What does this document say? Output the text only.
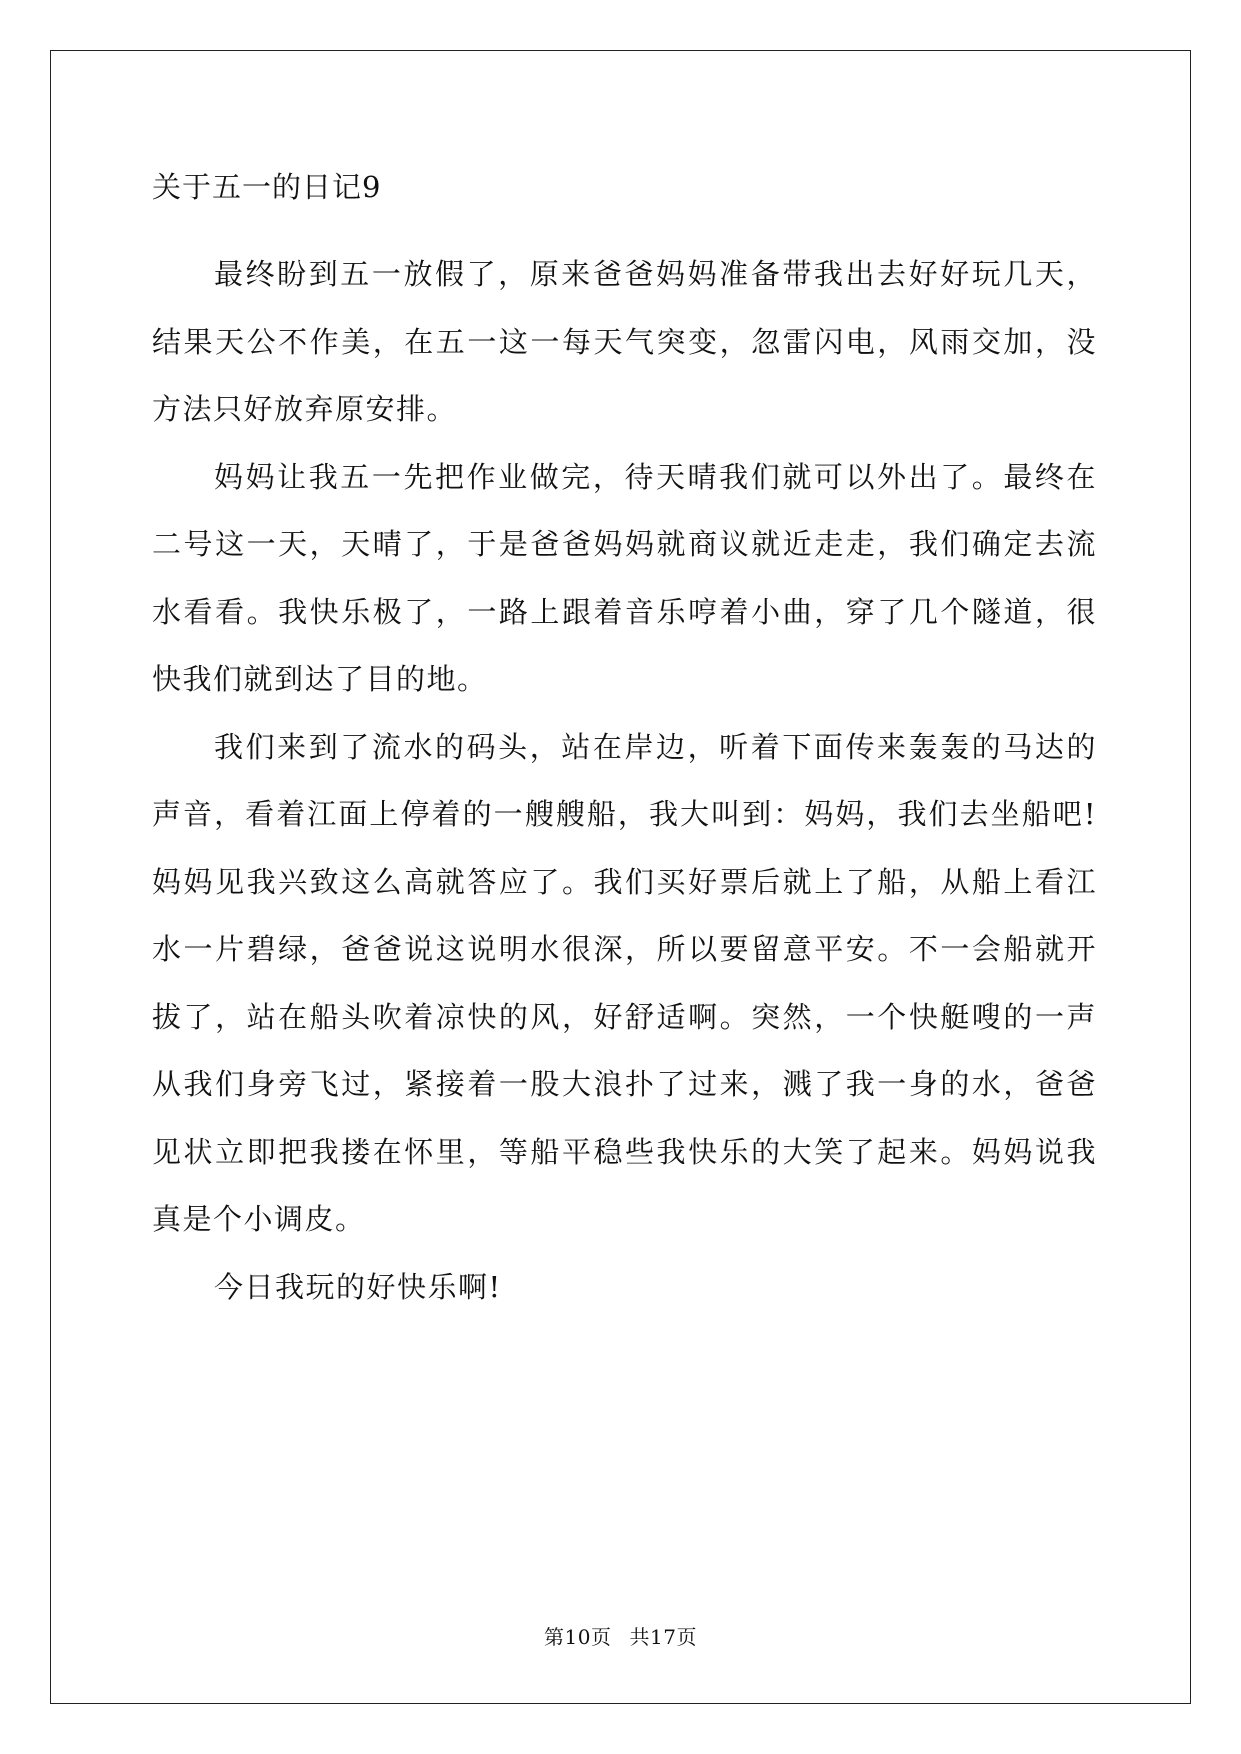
关于五一的日记9

最终盼到五一放假了，原来爸爸妈妈准备带我出去好好玩几天，结果天公不作美，在五一这一每天气突变，忽雷闪电，风雨交加，没方法只好放弃原安排。

妈妈让我五一先把作业做完，待天晴我们就可以外出了。最终在二号这一天，天晴了，于是爸爸妈妈就商议就近走走，我们确定去流水看看。我快乐极了，一路上跟着音乐哼着小曲，穿了几个隧道，很快我们就到达了目的地。

我们来到了流水的码头，站在岸边，听着下面传来轰轰的马达的声音，看着江面上停着的一艘艘船，我大叫到：妈妈，我们去坐船吧!妈妈见我兴致这么高就答应了。我们买好票后就上了船，从船上看江水一片碧绿，爸爸说这说明水很深，所以要留意平安。不一会船就开拔了，站在船头吹着凉快的风，好舒适啊。突然，一个快艇嗖的一声从我们身旁飞过，紧接着一股大浪扑了过来，溅了我一身的水，爸爸见状立即把我搂在怀里，等船平稳些我快乐的大笑了起来。妈妈说我真是个小调皮。

今日我玩的好快乐啊!

第10页 共17页
